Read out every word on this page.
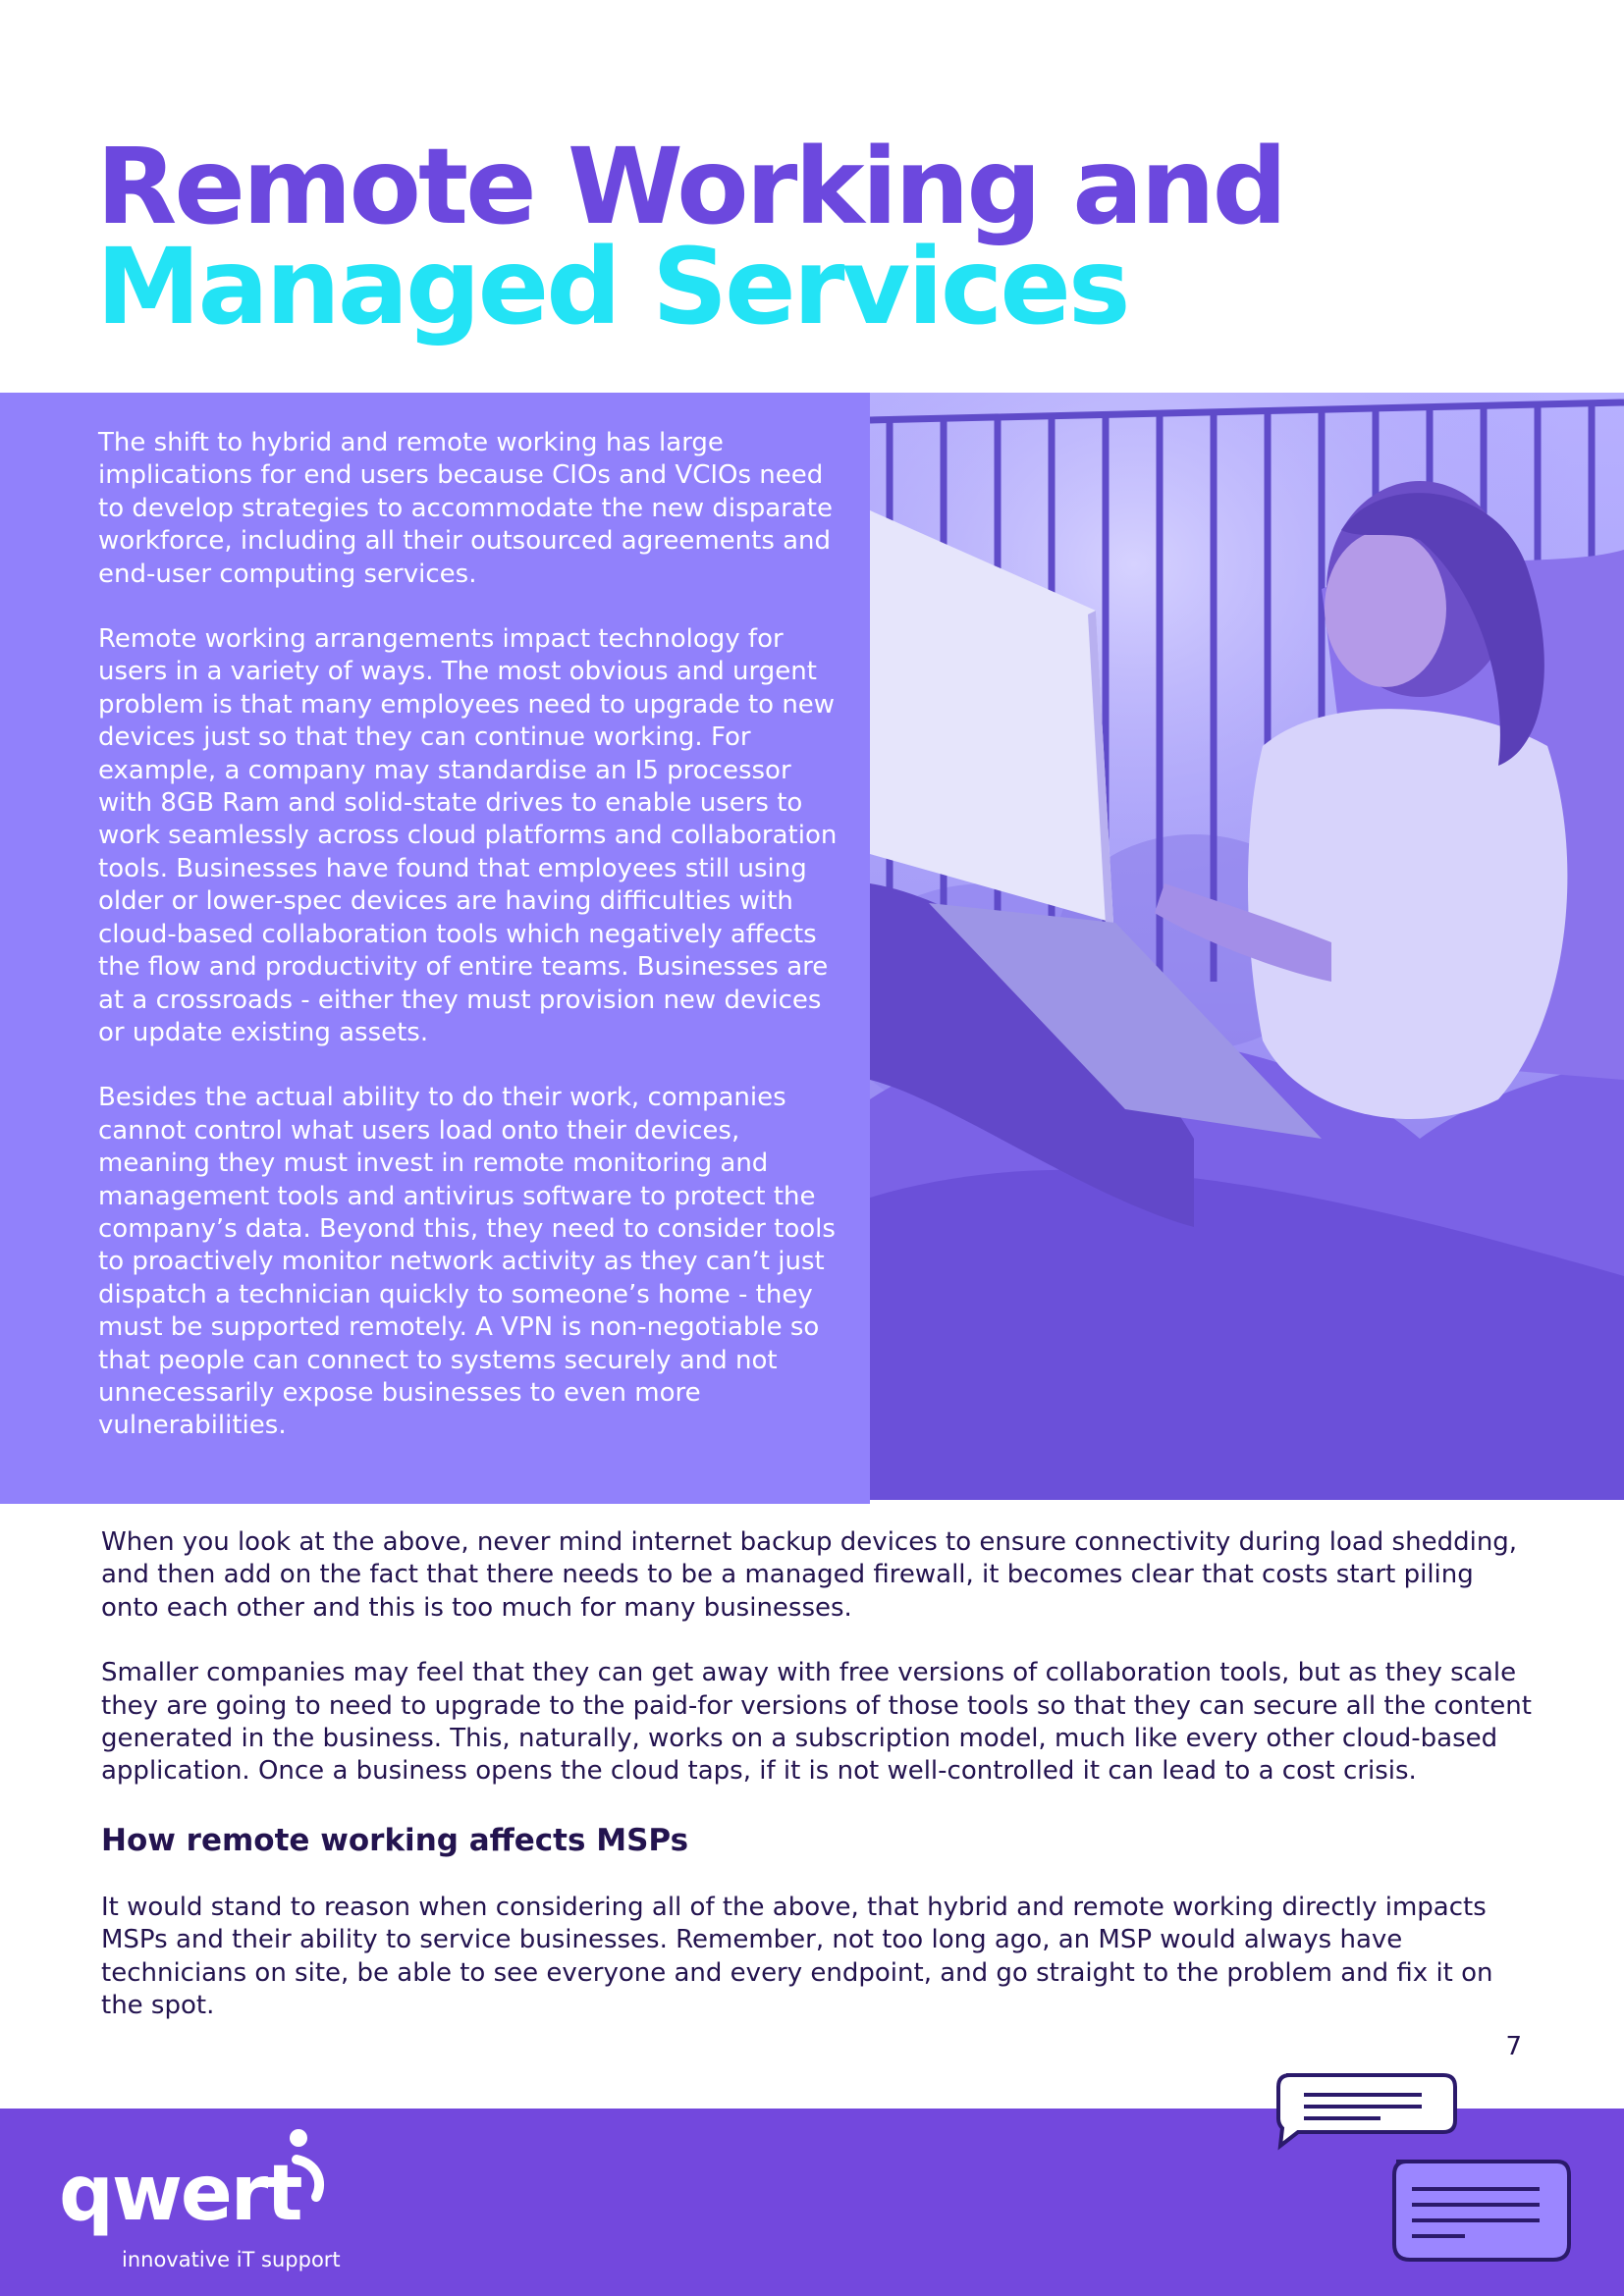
Remote Working and
Managed Services

The shift to hybrid and remote working has large implications for end users because CIOs and VCIOs need to develop strategies to accommodate the new disparate workforce, including all their outsourced agreements and end-user computing services.

Remote working arrangements impact technology for users in a variety of ways. The most obvious and urgent problem is that many employees need to upgrade to new devices just so that they can continue working. For example, a company may standardise an I5 processor with 8GB Ram and solid-state drives to enable users to work seamlessly across cloud platforms and collaboration tools. Businesses have found that employees still using older or lower-spec devices are having difficulties with cloud-based collaboration tools which negatively affects the flow and productivity of entire teams. Businesses are at a crossroads - either they must provision new devices or update existing assets.

Besides the actual ability to do their work, companies cannot control what users load onto their devices, meaning they must invest in remote monitoring and management tools and antivirus software to protect the company’s data. Beyond this, they need to consider tools to proactively monitor network activity as they can’t just dispatch a technician quickly to someone’s home - they must be supported remotely. A VPN is non-negotiable so that people can connect to systems securely and not unnecessarily expose businesses to even more vulnerabilities.

When you look at the above, never mind internet backup devices to ensure connectivity during load shedding, and then add on the fact that there needs to be a managed firewall, it becomes clear that costs start piling onto each other and this is too much for many businesses.

Smaller companies may feel that they can get away with free versions of collaboration tools, but as they scale they are going to need to upgrade to the paid-for versions of those tools so that they can secure all the content generated in the business. This, naturally, works on a subscription model, much like every other cloud-based application. Once a business opens the cloud taps, if it is not well-controlled it can lead to a cost crisis.

How remote working affects MSPs

It would stand to reason when considering all of the above, that hybrid and remote working directly impacts MSPs and their ability to service businesses. Remember, not too long ago, an MSP would always have technicians on site, be able to see everyone and every endpoint, and go straight to the problem and fix it on the spot.

7
qwert
innovative iT support
